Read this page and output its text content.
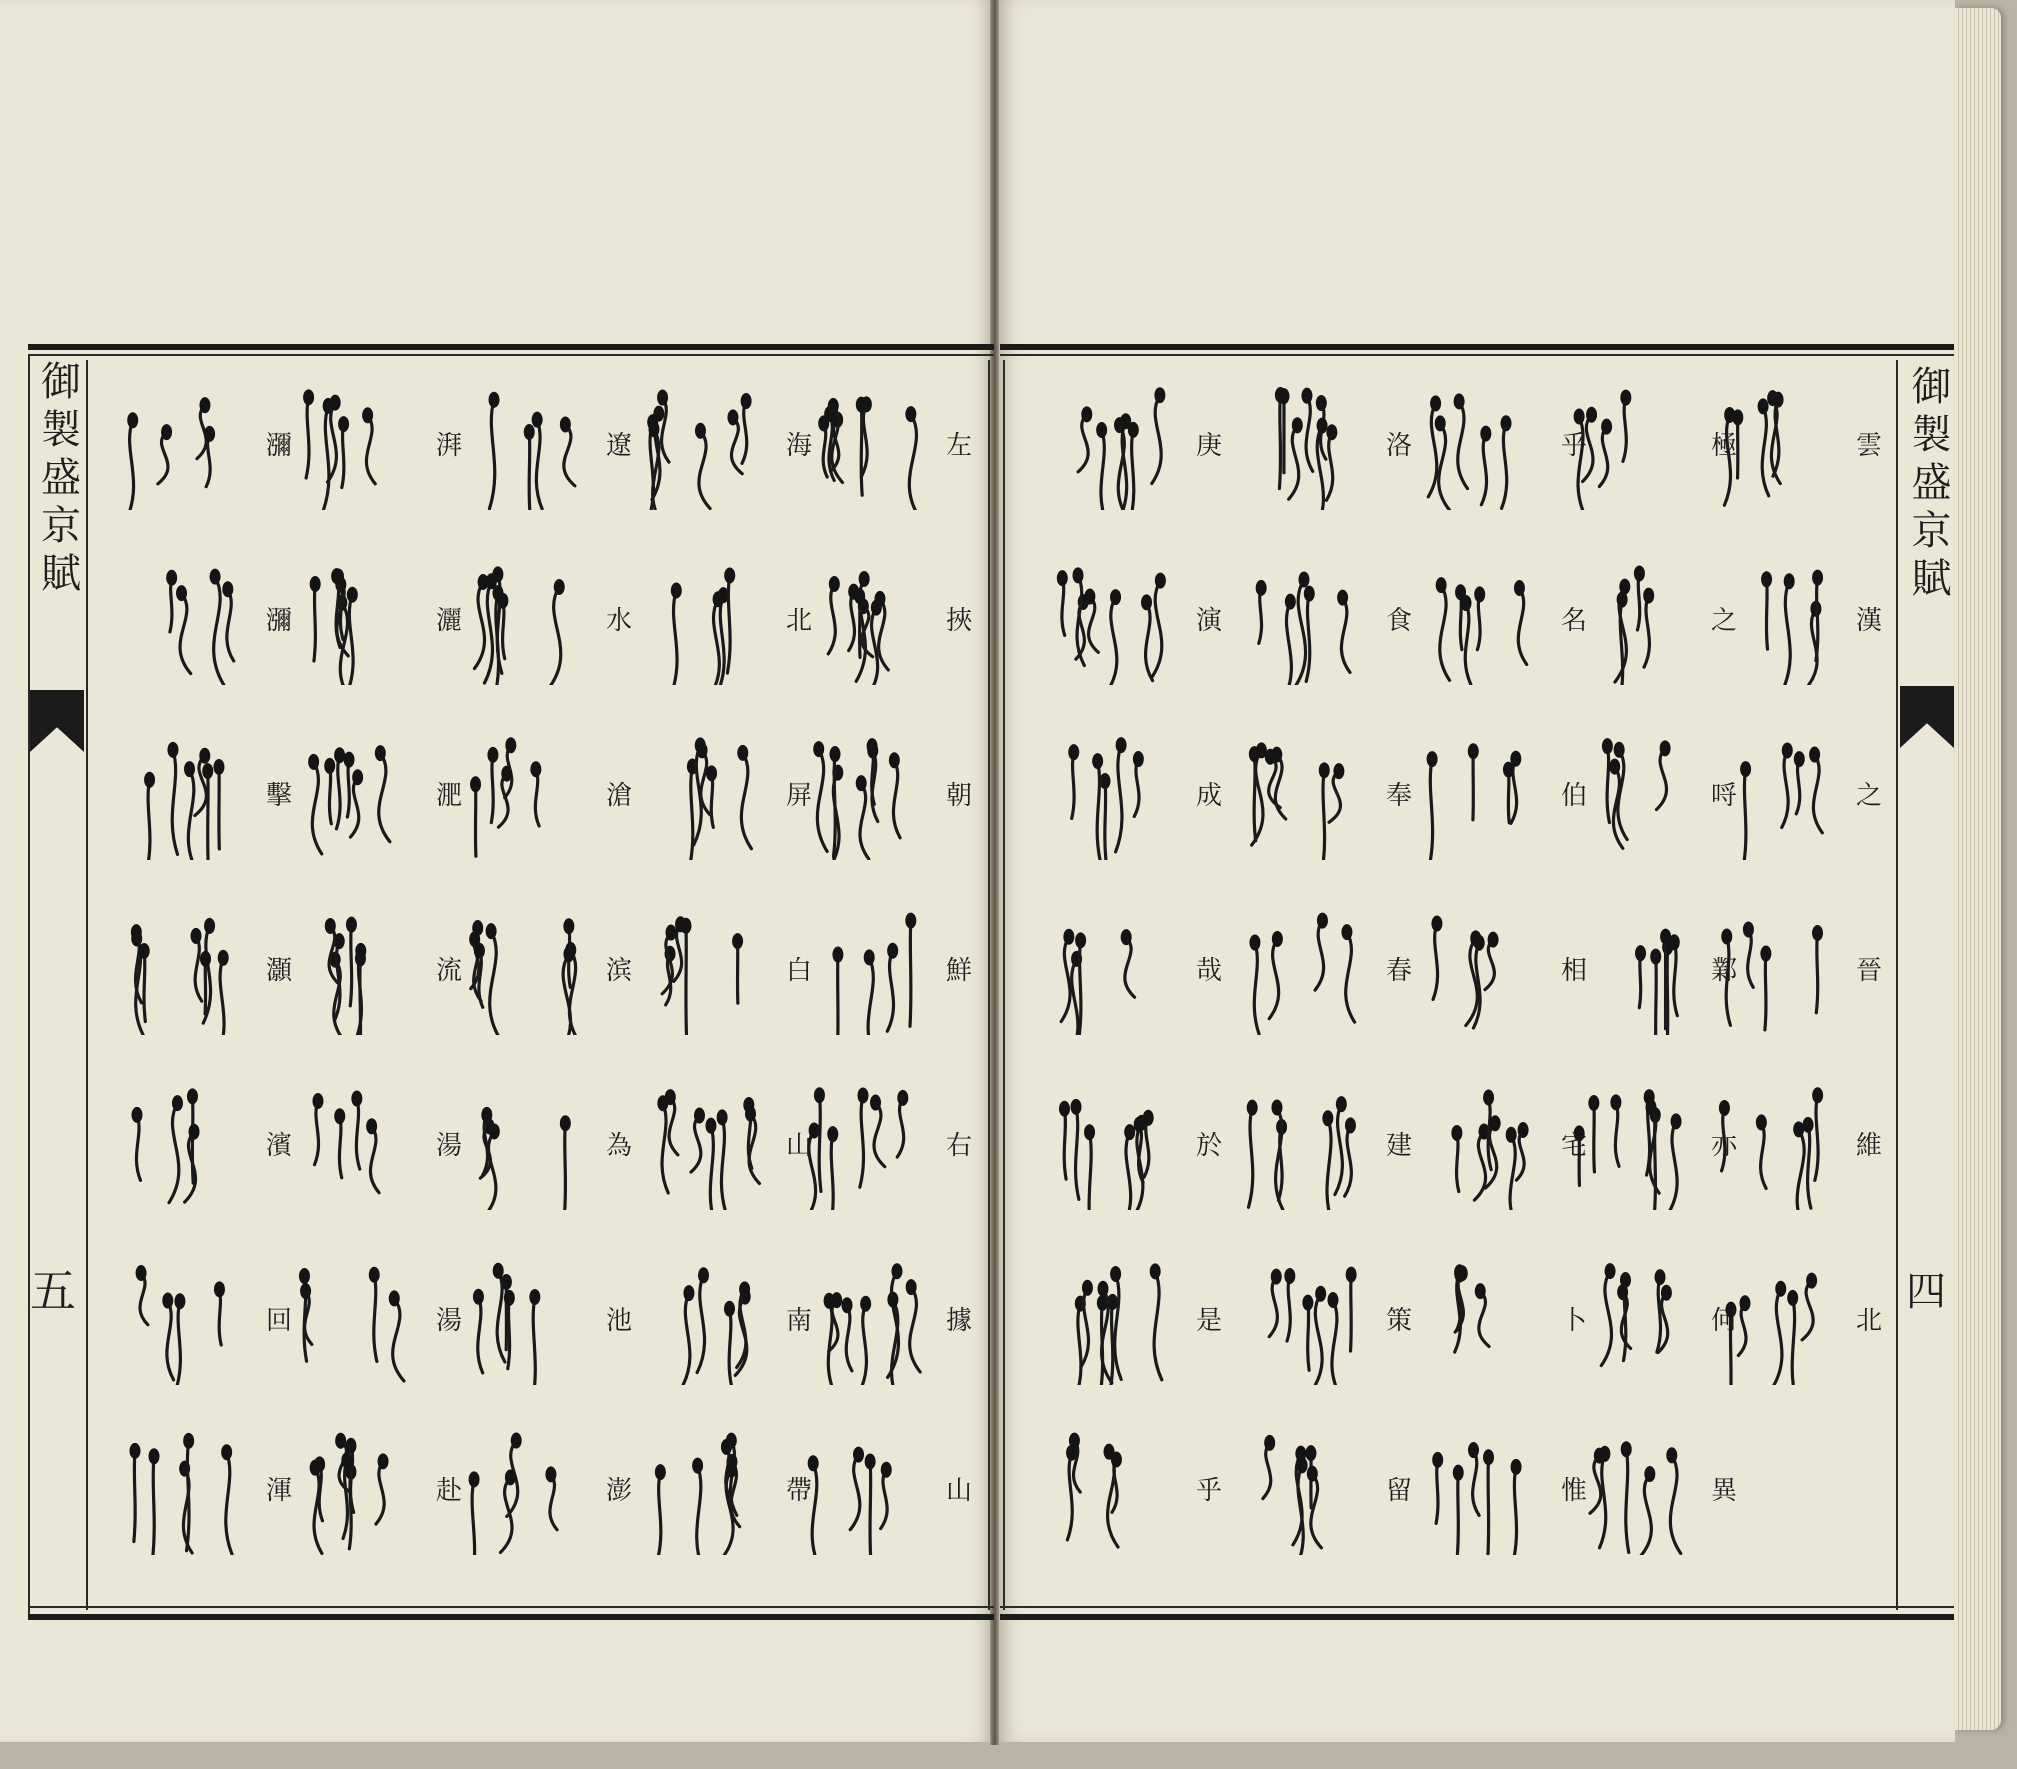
御製盛京賦
五
御製盛京賦
四
雲
漢
之
晉
維
北
極
之
哷
鄴
亦
何
異
乎
名
伯
相
宅
卜
惟
洛
食
奉
春
建
策
留
庚
演
成
哉
於
是
乎
左
挾
朝
鮮
右
據
山
海
北
屏
白
山
南
帶
遼
水
滄
滨
為
池
澎
湃
灑
淝
流
湯
湯
赴
瀰
瀰
擊
灝
濱
回
渾
